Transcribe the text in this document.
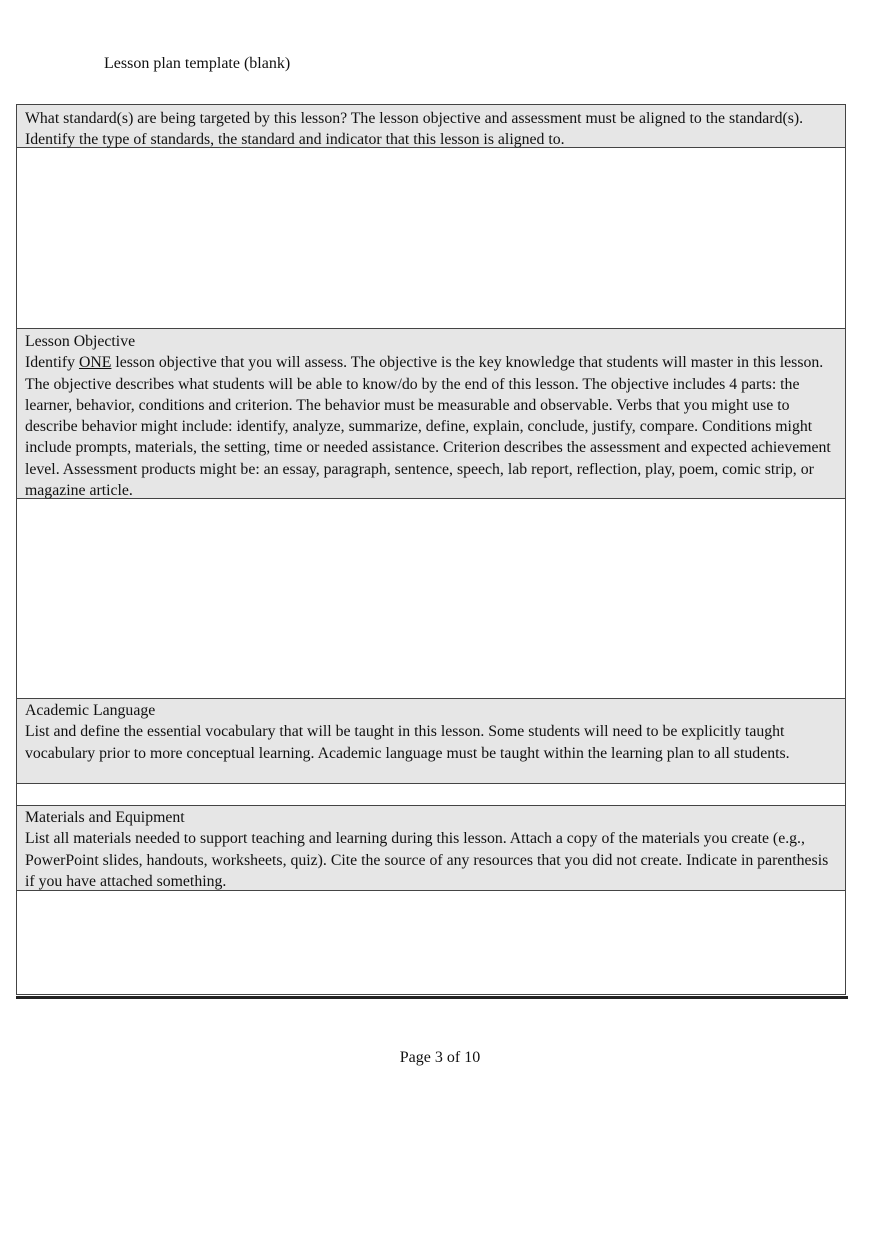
Lesson plan template (blank)
What standard(s) are being targeted by this lesson? The lesson objective and assessment must be aligned to the standard(s). Identify the type of standards, the standard and indicator that this lesson is aligned to.
Lesson Objective
Identify ONE lesson objective that you will assess. The objective is the key knowledge that students will master in this lesson. The objective describes what students will be able to know/do by the end of this lesson. The objective includes 4 parts: the learner, behavior, conditions and criterion. The behavior must be measurable and observable. Verbs that you might use to describe behavior might include: identify, analyze, summarize, define, explain, conclude, justify, compare. Conditions might include prompts, materials, the setting, time or needed assistance. Criterion describes the assessment and expected achievement level. Assessment products might be: an essay, paragraph, sentence, speech, lab report, reflection, play, poem, comic strip, or magazine article.
Academic Language
List and define the essential vocabulary that will be taught in this lesson. Some students will need to be explicitly taught vocabulary prior to more conceptual learning. Academic language must be taught within the learning plan to all students.
Materials and Equipment
List all materials needed to support teaching and learning during this lesson. Attach a copy of the materials you create (e.g., PowerPoint slides, handouts, worksheets, quiz). Cite the source of any resources that you did not create. Indicate in parenthesis if you have attached something.
Page 3 of 10
